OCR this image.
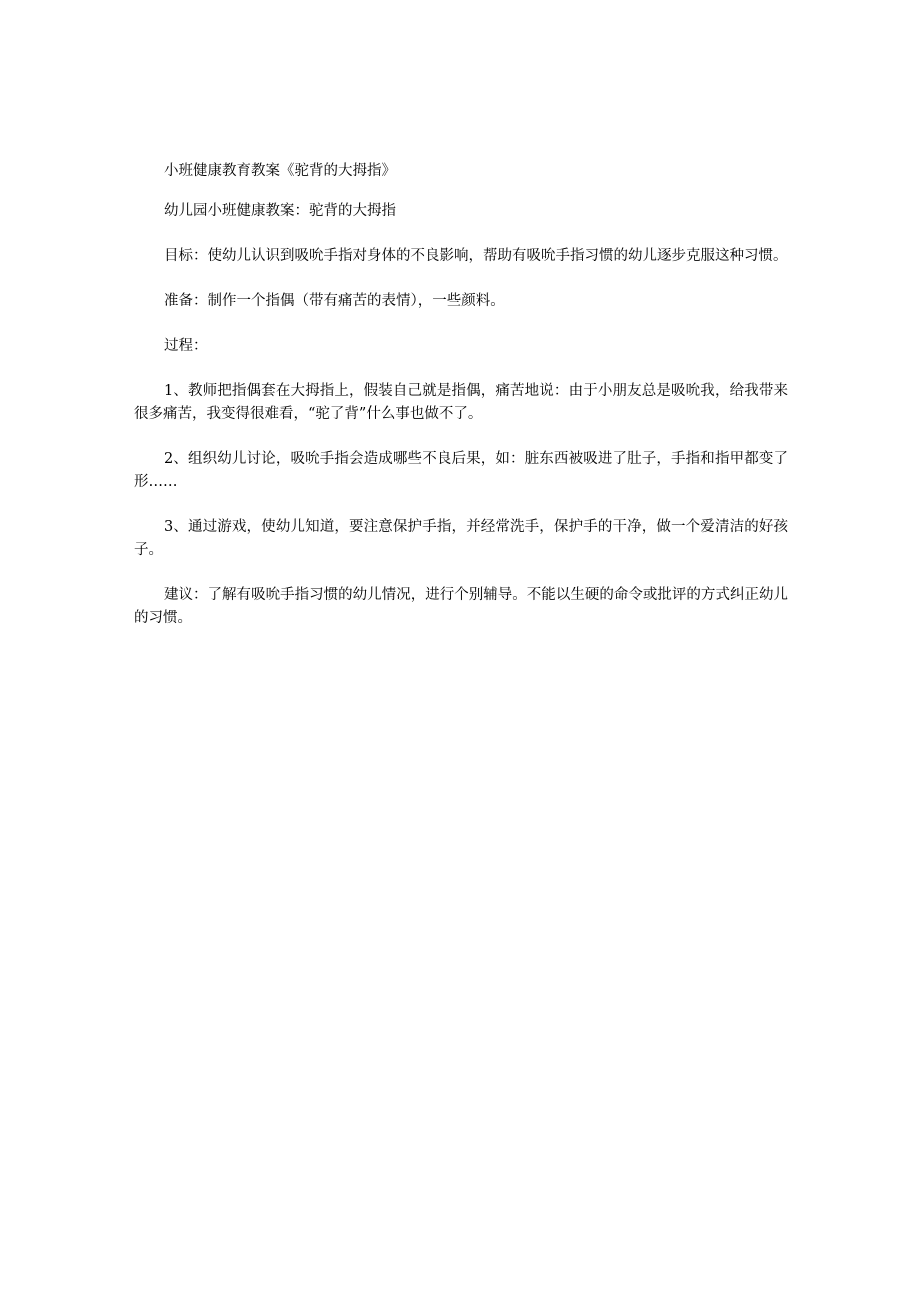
小班健康教育教案《驼背的大拇指》

幼儿园小班健康教案：驼背的大拇指

目标：使幼儿认识到吸吮手指对身体的不良影响，帮助有吸吮手指习惯的幼儿逐步克服这种习惯。

准备：制作一个指偶（带有痛苦的表情），一些颜料。

过程：

1、教师把指偶套在大拇指上，假装自己就是指偶，痛苦地说：由于小朋友总是吸吮我，给我带来很多痛苦，我变得很难看，“驼了背”什么事也做不了。

2、组织幼儿讨论，吸吮手指会造成哪些不良后果，如：脏东西被吸进了肚子，手指和指甲都变了形……

3、通过游戏，使幼儿知道，要注意保护手指，并经常洗手，保护手的干净，做一个爱清洁的好孩子。

建议：了解有吸吮手指习惯的幼儿情况，进行个别辅导。不能以生硬的命令或批评的方式纠正幼儿的习惯。
